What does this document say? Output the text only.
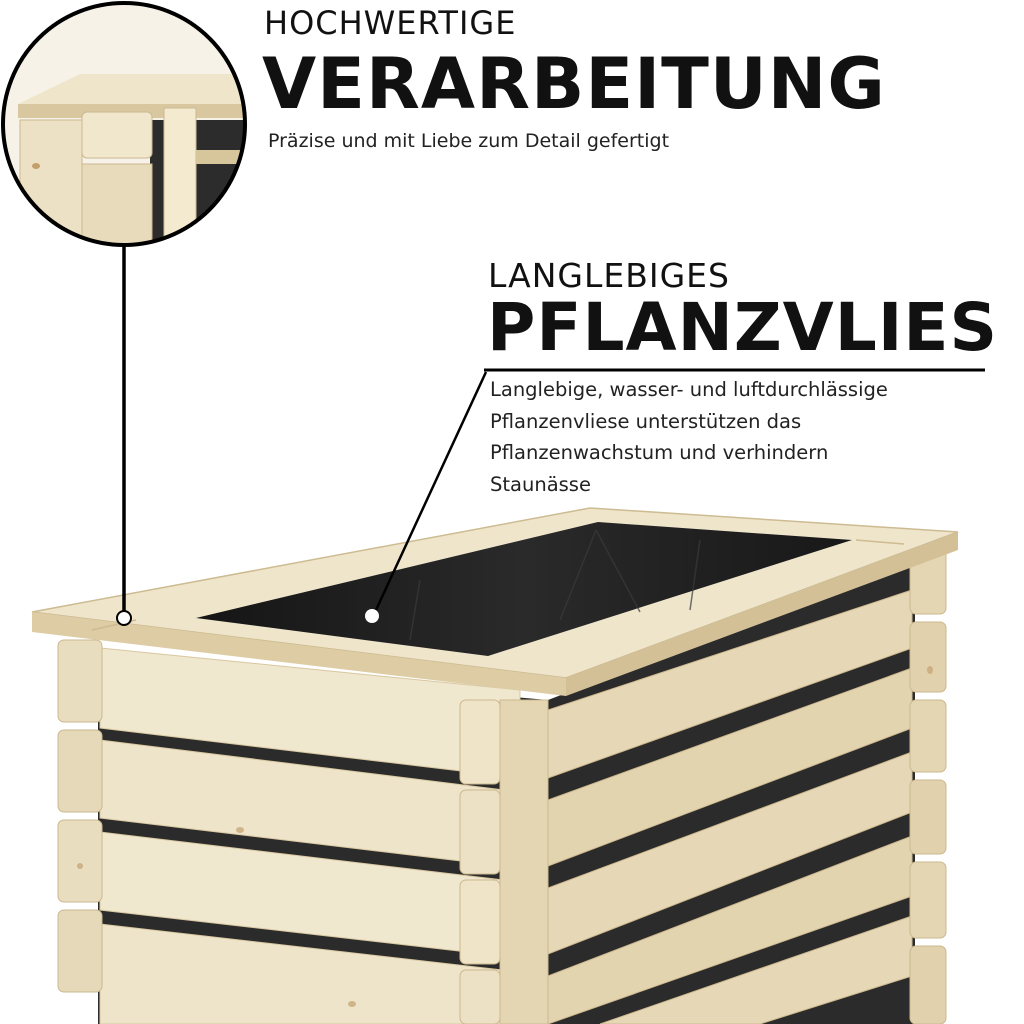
HOCHWERTIGE
VERARBEITUNG
Präzise und mit Liebe zum Detail gefertigt
LANGLEBIGES
PFLANZVLIES
Langlebige, wasser- und luftdurchlässige
Pflanzenvliese unterstützen das
Pflanzenwachstum und verhindern
Staunässe
